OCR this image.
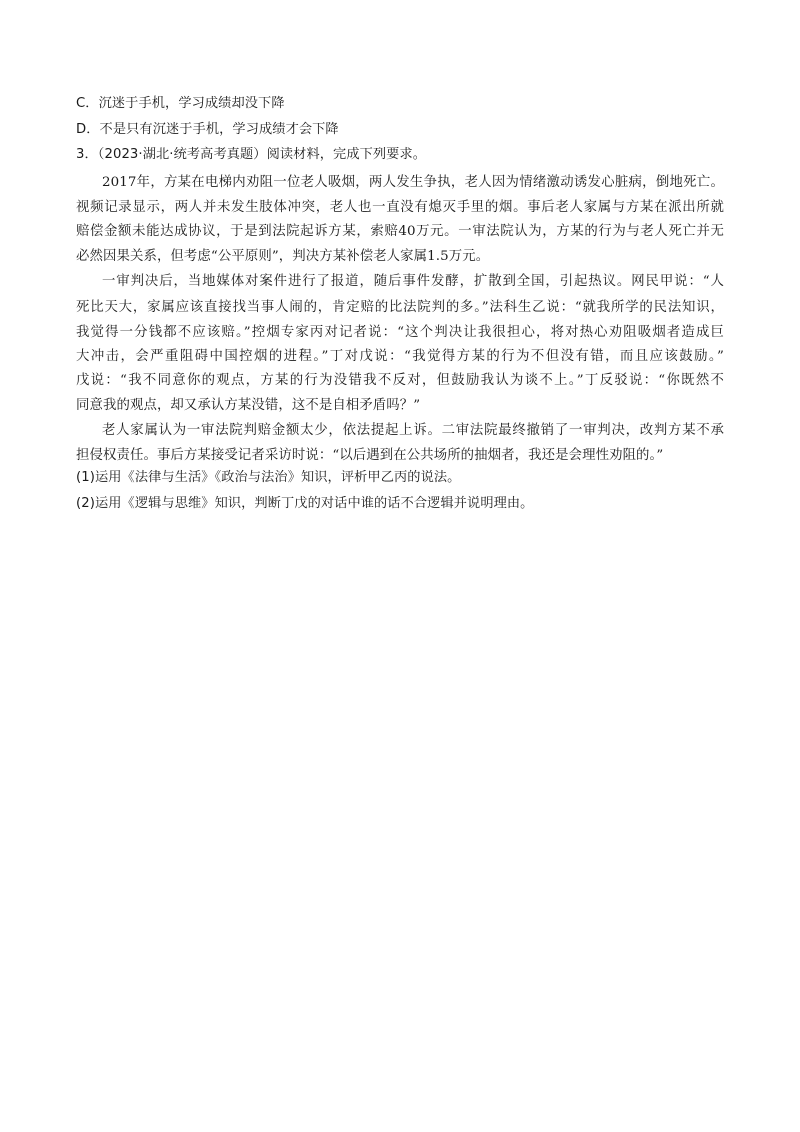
C．沉迷于手机，学习成绩却没下降
D．不是只有沉迷于手机，学习成绩才会下降
3．（2023·湖北·统考高考真题）阅读材料，完成下列要求。
2017年，方某在电梯内劝阻一位老人吸烟，两人发生争执，老人因为情绪激动诱发心脏病，倒地死亡。
视频记录显示，两人并未发生肢体冲突，老人也一直没有熄灭手里的烟。事后老人家属与方某在派出所就
赔偿金额未能达成协议，于是到法院起诉方某，索赔40万元。一审法院认为，方某的行为与老人死亡并无
必然因果关系，但考虑“公平原则”，判决方某补偿老人家属1.5万元。
一审判决后，当地媒体对案件进行了报道，随后事件发酵，扩散到全国，引起热议。网民甲说：“人
死比天大，家属应该直接找当事人闹的，肯定赔的比法院判的多。”法科生乙说：“就我所学的民法知识，
我觉得一分钱都不应该赔。”控烟专家丙对记者说：“这个判决让我很担心，将对热心劝阻吸烟者造成巨
大冲击，会严重阻碍中国控烟的进程。”丁对戊说：“我觉得方某的行为不但没有错，而且应该鼓励。”
戊说：“我不同意你的观点，方某的行为没错我不反对，但鼓励我认为谈不上。”丁反驳说：“你既然不
同意我的观点，却又承认方某没错，这不是自相矛盾吗？”
老人家属认为一审法院判赔金额太少，依法提起上诉。二审法院最终撤销了一审判决，改判方某不承
担侵权责任。事后方某接受记者采访时说：“以后遇到在公共场所的抽烟者，我还是会理性劝阻的。”
(1)运用《法律与生活》《政治与法治》知识，评析甲乙丙的说法。
(2)运用《逻辑与思维》知识，判断丁戊的对话中谁的话不合逻辑并说明理由。
